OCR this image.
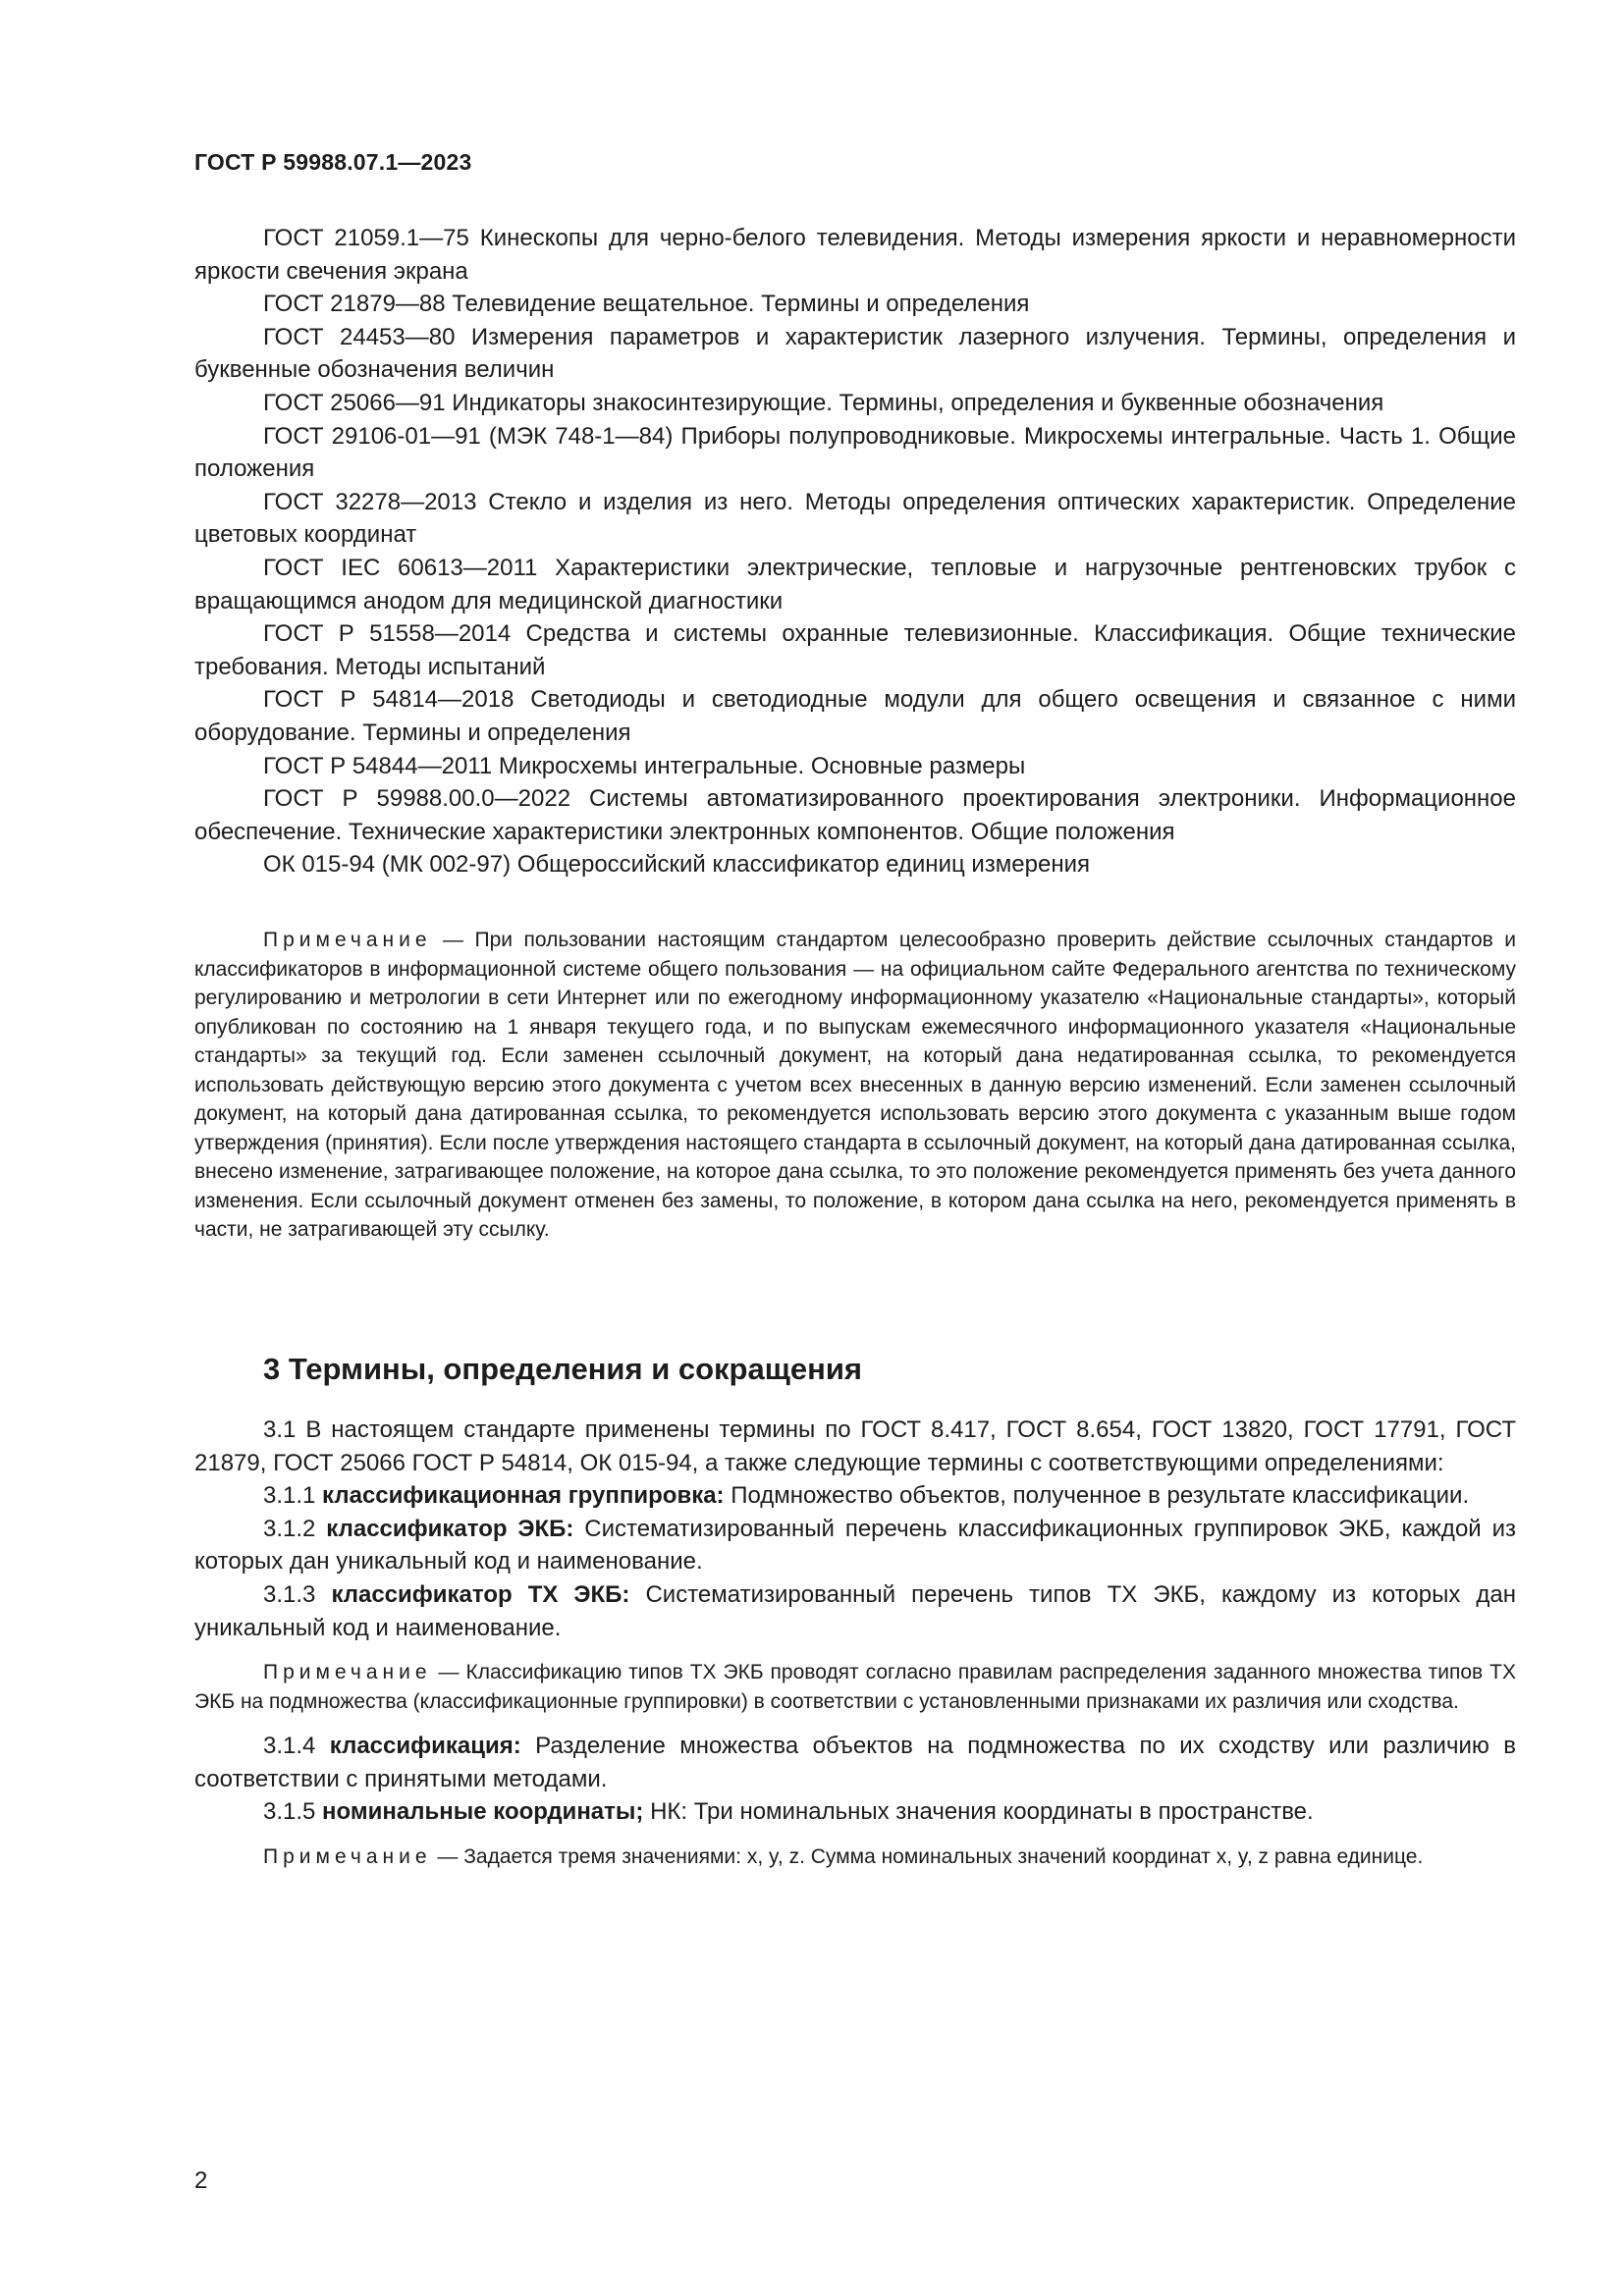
ГОСТ Р 59988.07.1—2023
ГОСТ 21059.1—75 Кинескопы для черно-белого телевидения. Методы измерения яркости и неравномерности яркости свечения экрана
ГОСТ 21879—88 Телевидение вещательное. Термины и определения
ГОСТ 24453—80 Измерения параметров и характеристик лазерного излучения. Термины, определения и буквенные обозначения величин
ГОСТ 25066—91 Индикаторы знакосинтезирующие. Термины, определения и буквенные обозначения
ГОСТ 29106-01—91 (МЭК 748-1—84) Приборы полупроводниковые. Микросхемы интегральные. Часть 1. Общие положения
ГОСТ 32278—2013 Стекло и изделия из него. Методы определения оптических характеристик. Определение цветовых координат
ГОСТ IEC 60613—2011 Характеристики электрические, тепловые и нагрузочные рентгеновских трубок с вращающимся анодом для медицинской диагностики
ГОСТ Р 51558—2014 Средства и системы охранные телевизионные. Классификация. Общие технические требования. Методы испытаний
ГОСТ Р 54814—2018 Светодиоды и светодиодные модули для общего освещения и связанное с ними оборудование. Термины и определения
ГОСТ Р 54844—2011 Микросхемы интегральные. Основные размеры
ГОСТ Р 59988.00.0—2022 Системы автоматизированного проектирования электроники. Информационное обеспечение. Технические характеристики электронных компонентов. Общие положения
ОК 015-94 (МК 002-97) Общероссийский классификатор единиц измерения

Примечание — При пользовании настоящим стандартом целесообразно проверить действие ссылочных стандартов и классификаторов в информационной системе общего пользования — на официальном сайте Федерального агентства по техническому регулированию и метрологии в сети Интернет или по ежегодному информационному указателю «Национальные стандарты», который опубликован по состоянию на 1 января текущего года, и по выпускам ежемесячного информационного указателя «Национальные стандарты» за текущий год. Если заменен ссылочный документ, на который дана недатированная ссылка, то рекомендуется использовать действующую версию этого документа с учетом всех внесенных в данную версию изменений. Если заменен ссылочный документ, на который дана датированная ссылка, то рекомендуется использовать версию этого документа с указанным выше годом утверждения (принятия). Если после утверждения настоящего стандарта в ссылочный документ, на который дана датированная ссылка, внесено изменение, затрагивающее положение, на которое дана ссылка, то это положение рекомендуется применять без учета данного изменения. Если ссылочный документ отменен без замены, то положение, в котором дана ссылка на него, рекомендуется применять в части, не затрагивающей эту ссылку.

3 Термины, определения и сокращения

3.1 В настоящем стандарте применены термины по ГОСТ 8.417, ГОСТ 8.654, ГОСТ 13820, ГОСТ 17791, ГОСТ 21879, ГОСТ 25066 ГОСТ Р 54814, ОК 015-94, а также следующие термины с соответствующими определениями:

3.1.1 классификационная группировка: Подмножество объектов, полученное в результате классификации.

3.1.2 классификатор ЭКБ: Систематизированный перечень классификационных группировок ЭКБ, каждой из которых дан уникальный код и наименование.

3.1.3 классификатор ТХ ЭКБ: Систематизированный перечень типов ТХ ЭКБ, каждому из которых дан уникальный код и наименование.

Примечание — Классификацию типов ТХ ЭКБ проводят согласно правилам распределения заданного множества типов ТХ ЭКБ на подмножества (классификационные группировки) в соответствии с установленными признаками их различия или сходства.

3.1.4 классификация: Разделение множества объектов на подмножества по их сходству или различию в соответствии с принятыми методами.

3.1.5 номинальные координаты; НК: Три номинальных значения координаты в пространстве.

Примечание — Задается тремя значениями: x, y, z. Сумма номинальных значений координат x, y, z равна единице.

2
